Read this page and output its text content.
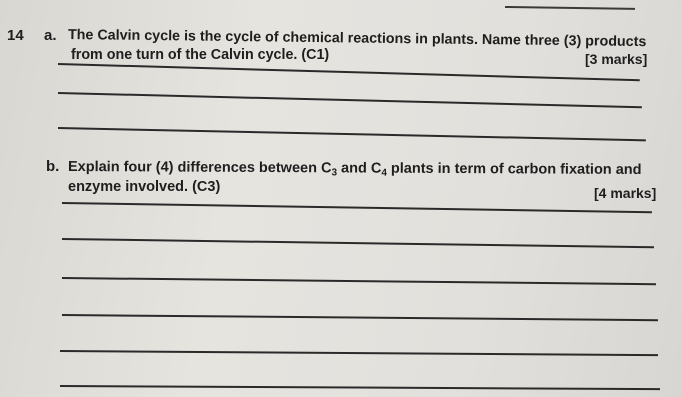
14 a. The Calvin cycle is the cycle of chemical reactions in plants. Name three (3) products
from one turn of the Calvin cycle. (C1)	[3 marks]
b. Explain four (4) differences between $C_3$ and $C_4$ plants in term of carbon fixation and
enzyme involved. (C3)	[4 marks]
